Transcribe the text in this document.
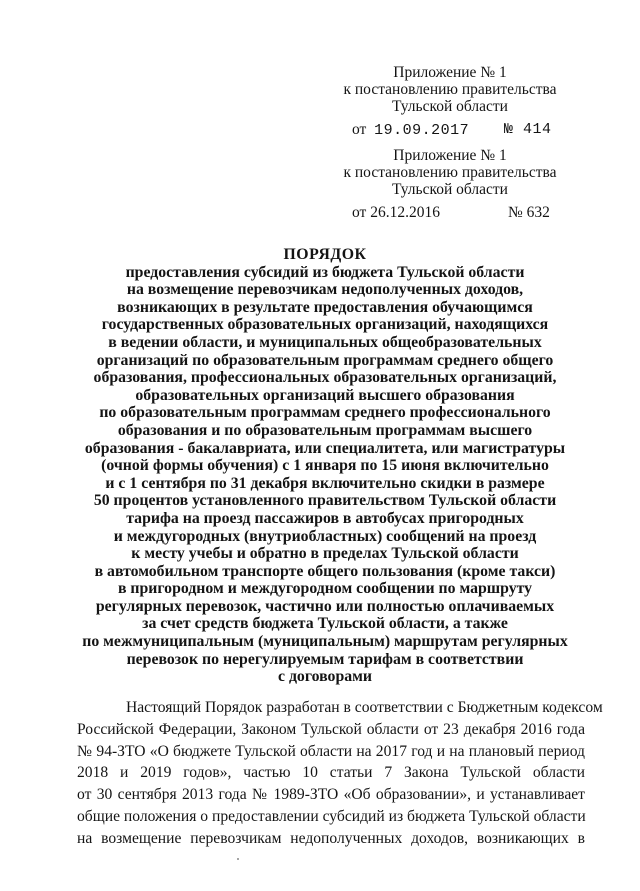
Приложение № 1
к постановлению правительства
Тульской области
от 19.09.2017 № 414
Приложение № 1
к постановлению правительства
Тульской области
от 26.12.2016	№ 632
ПОРЯДОК
предоставления субсидий из бюджета Тульской области
на возмещение перевозчикам недополученных доходов,
возникающих в результате предоставления обучающимся
государственных образовательных организаций, находящихся
в ведении области, и муниципальных общеобразовательных
организаций по образовательным программам среднего общего
образования, профессиональных образовательных организаций,
образовательных организаций высшего образования
по образовательным программам среднего профессионального
образования и по образовательным программам высшего
образования - бакалавриата, или специалитета, или магистратуры
(очной формы обучения) с 1 января по 15 июня включительно
и с 1 сентября по 31 декабря включительно скидки в размере
50 процентов установленного правительством Тульской области
тарифа на проезд пассажиров в автобусах пригородных
и междугородных (внутриобластных) сообщений на проезд
к месту учебы и обратно в пределах Тульской области
в автомобильном транспорте общего пользования (кроме такси)
в пригородном и междугородном сообщении по маршруту
регулярных перевозок, частично или полностью оплачиваемых
за счет средств бюджета Тульской области, а также
по межмуниципальным (муниципальным) маршрутам регулярных
перевозок по нерегулируемым тарифам в соответствии
с договорами
Настоящий Порядок разработан в соответствии с Бюджетным кодексом
Российской Федерации, Законом Тульской области от 23 декабря 2016 года
№ 94-ЗТО «О бюджете Тульской области на 2017 год и на плановый период
2018 и 2019 годов», частью 10 статьи 7 Закона Тульской области
от 30 сентября 2013 года № 1989-ЗТО «Об образовании», и устанавливает
общие положения о предоставлении субсидий из бюджета Тульской области
на возмещение перевозчикам недополученных доходов, возникающих в
